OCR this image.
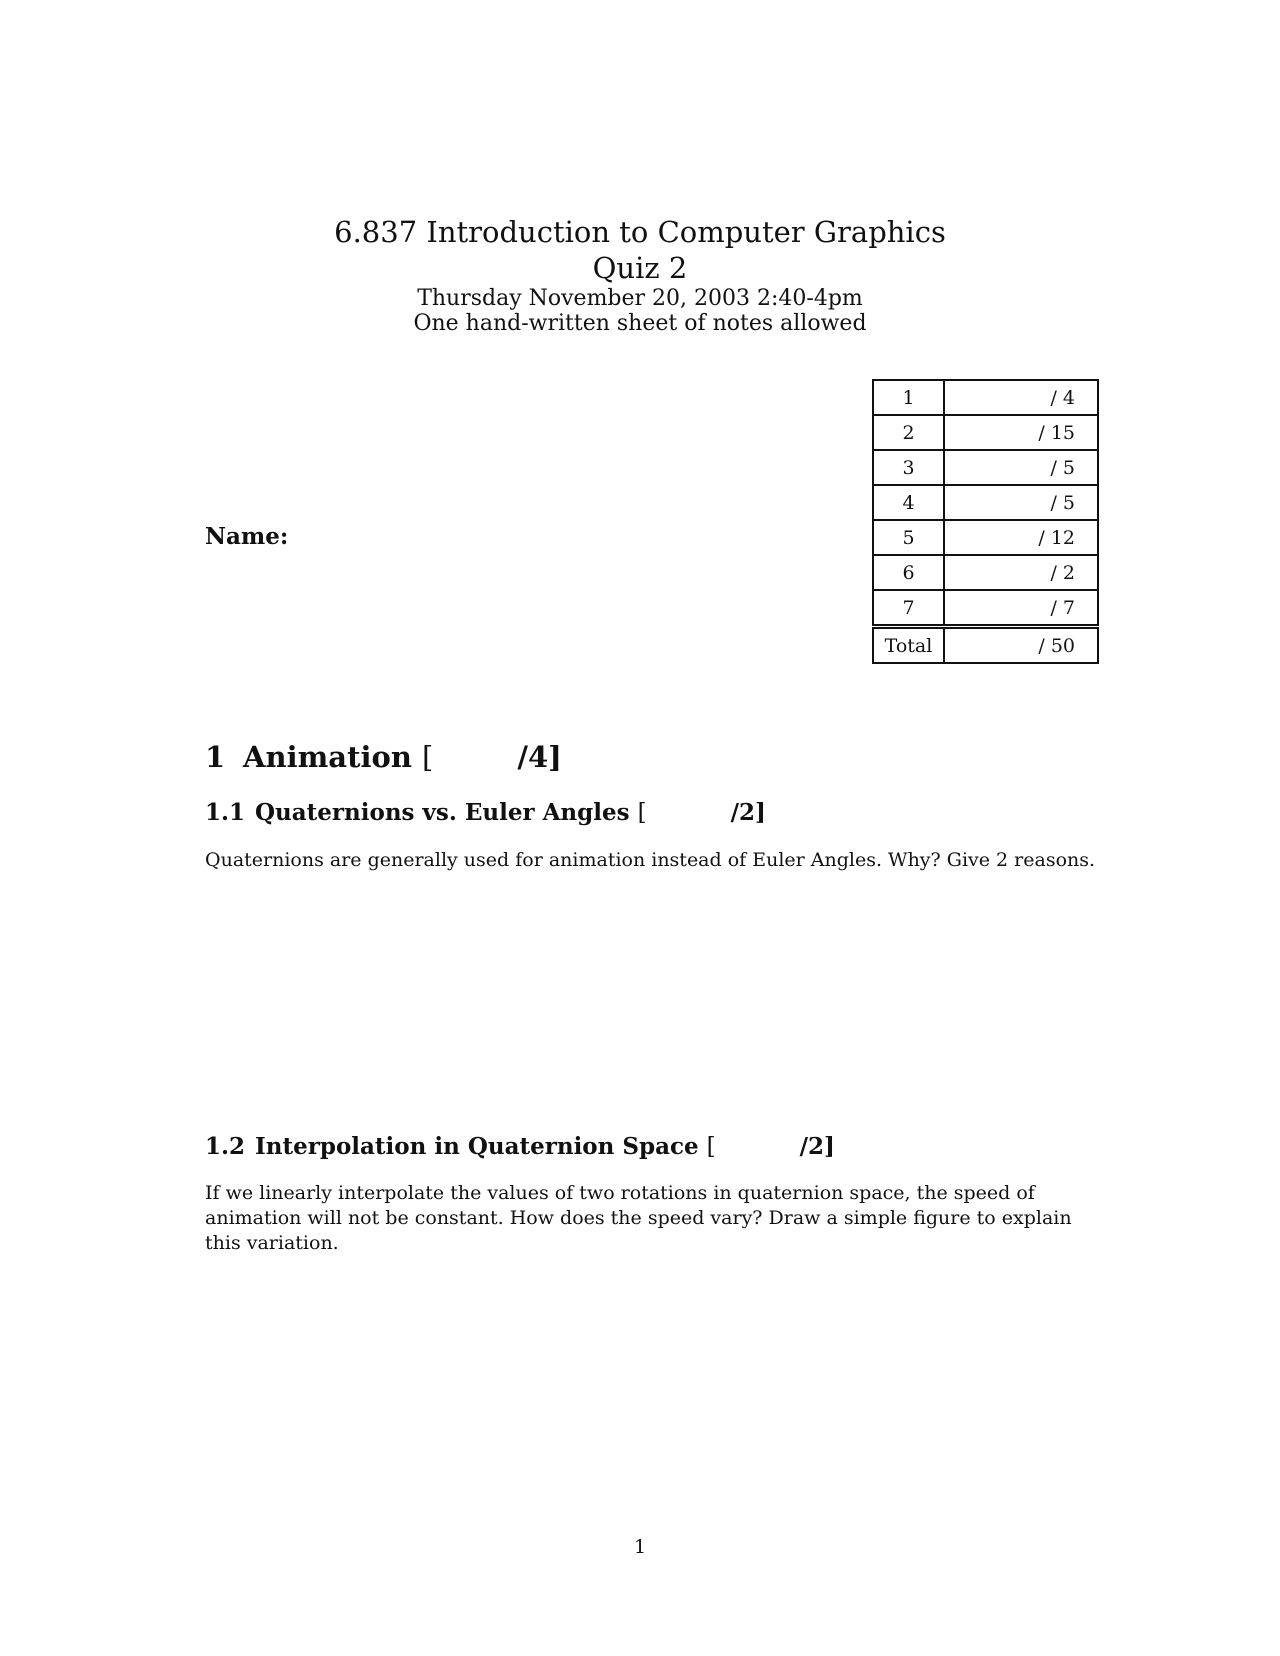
6.837 Introduction to Computer Graphics
Quiz 2
Thursday November 20, 2003 2:40-4pm
One hand-written sheet of notes allowed
Name:
1	/ 4
2	/ 15
3	/ 5
4	/ 5
5	/ 12
6	/ 2
7	/ 7
Total	/ 50
1 Animation [	/4]
1.1 Quaternions vs. Euler Angles [	/2]
Quaternions are generally used for animation instead of Euler Angles. Why? Give 2 reasons.
1.2 Interpolation in Quaternion Space [	/2]
If we linearly interpolate the values of two rotations in quaternion space, the speed of animation will not be constant. How does the speed vary? Draw a simple figure to explain this variation.
1
